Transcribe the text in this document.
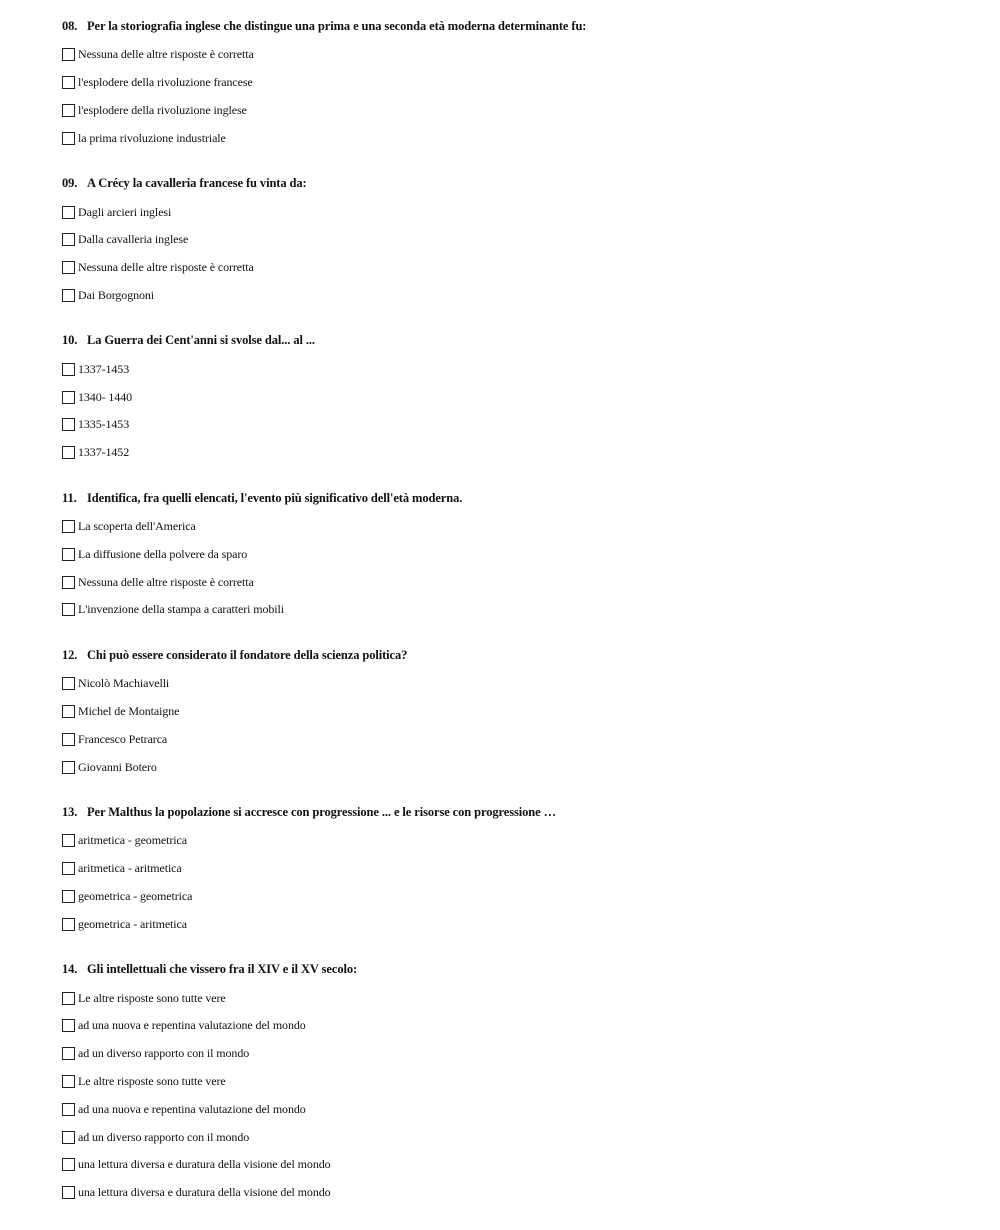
08. Per la storiografia inglese che distingue una prima e una seconda età moderna determinante fu:
Nessuna delle altre risposte è corretta
l'esplodere della rivoluzione francese
l'esplodere della rivoluzione inglese
la prima rivoluzione industriale
09. A Crécy la cavalleria francese fu vinta da:
Dagli arcieri inglesi
Dalla cavalleria inglese
Nessuna delle altre risposte è corretta
Dai Borgognoni
10. La Guerra dei Cent'anni si svolse dal... al ...
1337-1453
1340- 1440
1335-1453
1337-1452
11. Identifica, fra quelli elencati, l'evento più significativo dell'età moderna.
La scoperta dell'America
La diffusione della polvere da sparo
Nessuna delle altre risposte è corretta
L'invenzione della stampa a caratteri mobili
12. Chi può essere considerato il fondatore della scienza politica?
Nicolò Machiavelli
Michel de Montaigne
Francesco Petrarca
Giovanni Botero
13. Per Malthus la popolazione si accresce con progressione ... e le risorse con progressione …
aritmetica - geometrica
aritmetica - aritmetica
geometrica - geometrica
geometrica - aritmetica
14. Gli intellettuali che vissero fra il XIV e il XV secolo:
Le altre risposte sono tutte vere
ad una nuova e repentina valutazione del mondo
ad un diverso rapporto con il mondo
Le altre risposte sono tutte vere
ad una nuova e repentina valutazione del mondo
ad un diverso rapporto con il mondo
una lettura diversa e duratura della visione del mondo
una lettura diversa e duratura della visione del mondo
